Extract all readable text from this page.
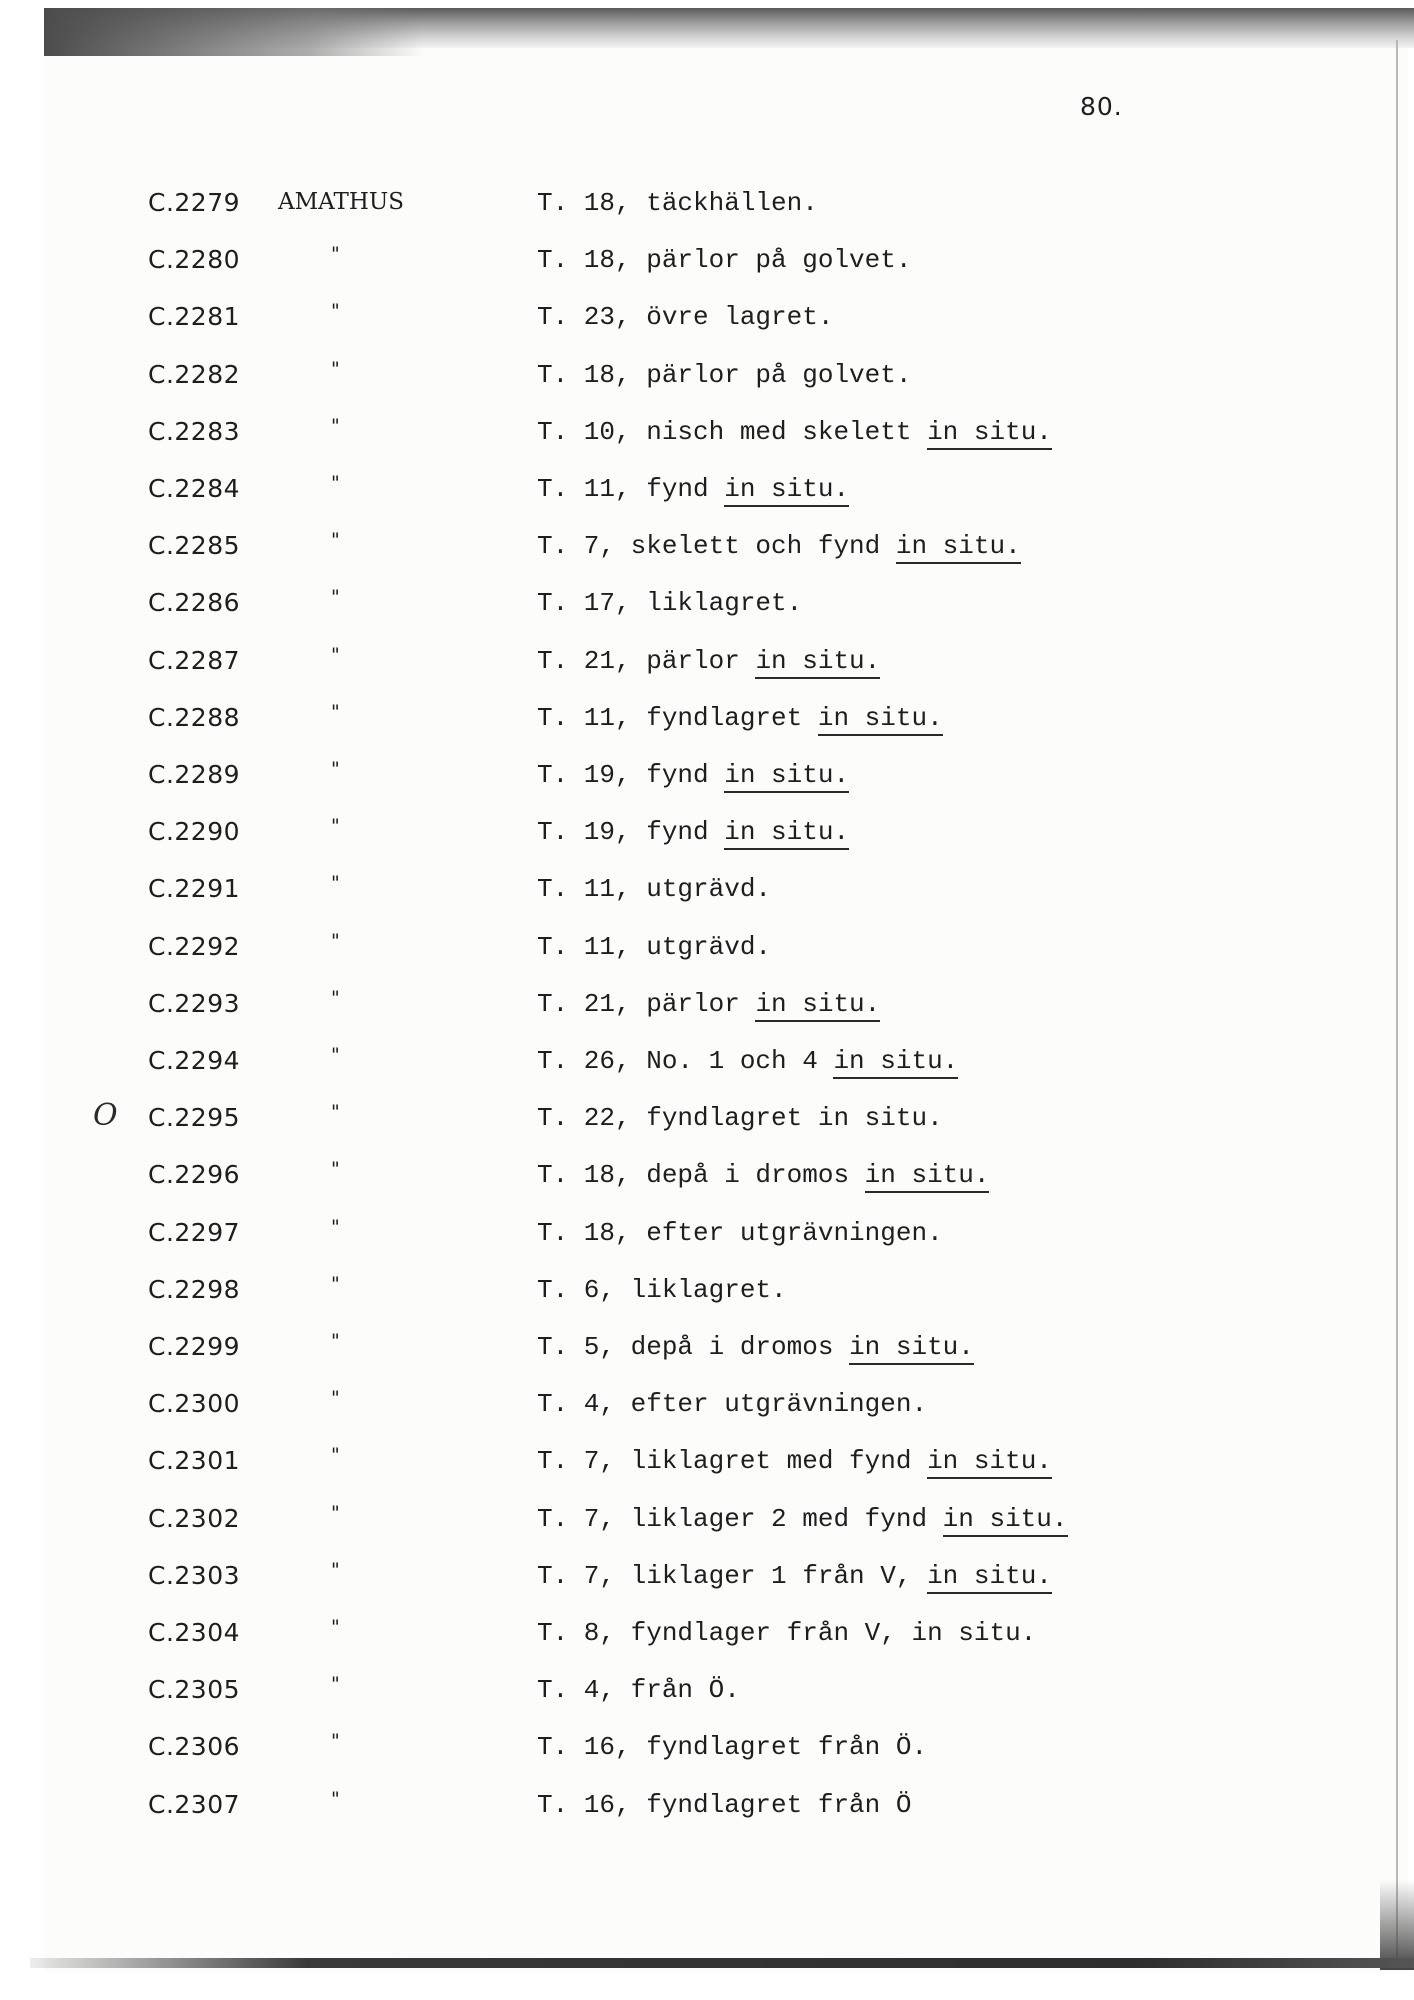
80.
O
C.2279 AMATHUS	T. 18, täckhällen.
C.2280	"	T. 18, pärlor på golvet.
C.2281	"	T. 23, övre lagret.
C.2282	"	T. 18, pärlor på golvet.
C.2283	"	T. 10, nisch med skelett in situ.
C.2284	"	T. 11, fynd in situ.
C.2285	"	T. 7, skelett och fynd in situ.
C.2286	"	T. 17, liklagret.
C.2287	"	T. 21, pärlor in situ.
C.2288	"	T. 11, fyndlagret in situ.
C.2289	"	T. 19, fynd in situ.
C.2290	"	T. 19, fynd in situ.
C.2291	"	T. 11, utgrävd.
C.2292	"	T. 11, utgrävd.
C.2293	"	T. 21, pärlor in situ.
C.2294	"	T. 26, No. 1 och 4 in situ.
C.2295	"	T. 22, fyndlagret in situ.
C.2296	"	T. 18, depå i dromos in situ.
C.2297	"	T. 18, efter utgrävningen.
C.2298	"	T. 6, liklagret.
C.2299	"	T. 5, depå i dromos in situ.
C.2300	"	T. 4, efter utgrävningen.
C.2301	"	T. 7, liklagret med fynd in situ.
C.2302	"	T. 7, liklager 2 med fynd in situ.
C.2303	"	T. 7, liklager 1 från V, in situ.
C.2304	"	T. 8, fyndlager från V, in situ.
C.2305	"	T. 4, från Ö.
C.2306	"	T. 16, fyndlagret från Ö.
C.2307	"	T. 16, fyndlagret från Ö
